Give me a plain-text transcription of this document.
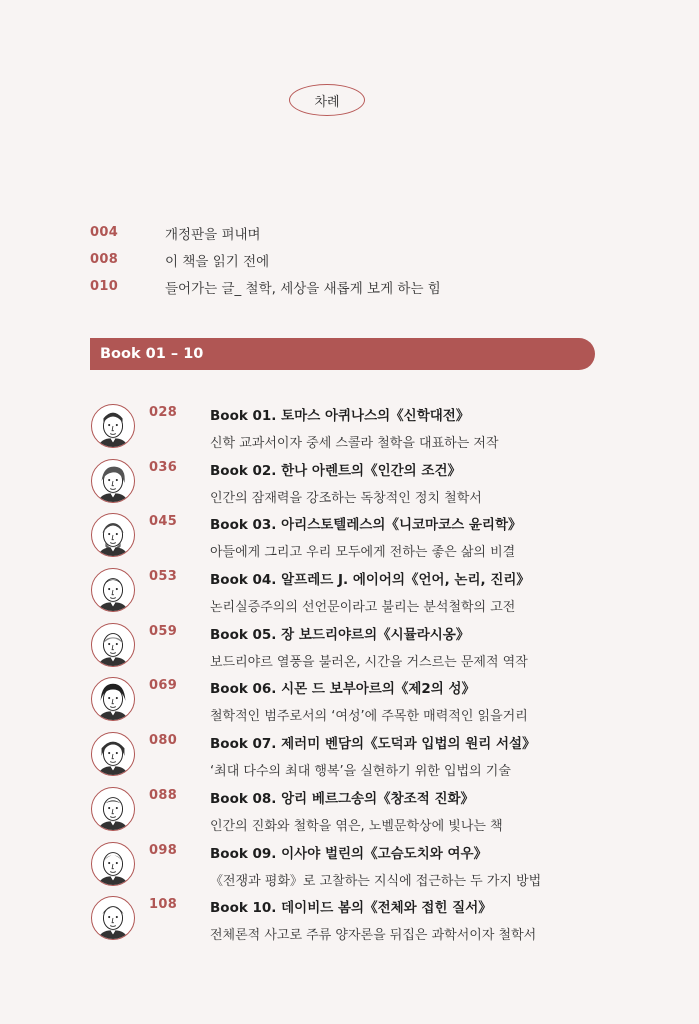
차례
004	개정판을 펴내며
008	이 책을 읽기 전에
010	들어가는 글_ 철학, 세상을 새롭게 보게 하는 힘
Book 01 – 10
028 Book 01. 토마스 아퀴나스의《신학대전》
신학 교과서이자 중세 스콜라 철학을 대표하는 저작
036 Book 02. 한나 아렌트의《인간의 조건》
인간의 잠재력을 강조하는 독창적인 정치 철학서
045 Book 03. 아리스토텔레스의《니코마코스 윤리학》
아들에게 그리고 우리 모두에게 전하는 좋은 삶의 비결
053 Book 04. 알프레드 J. 에이어의《언어, 논리, 진리》
논리실증주의의 선언문이라고 불리는 분석철학의 고전
059 Book 05. 장 보드리야르의《시뮬라시옹》
보드리야르 열풍을 불러온, 시간을 거스르는 문제적 역작
069 Book 06. 시몬 드 보부아르의《제2의 성》
철학적인 범주로서의 ‘여성’에 주목한 매력적인 읽을거리
080 Book 07. 제러미 벤담의《도덕과 입법의 원리 서설》
‘최대 다수의 최대 행복’을 실현하기 위한 입법의 기술
088 Book 08. 앙리 베르그송의《창조적 진화》
인간의 진화와 철학을 엮은, 노벨문학상에 빛나는 책
098 Book 09. 이사야 벌린의《고슴도치와 여우》
《전쟁과 평화》로 고찰하는 지식에 접근하는 두 가지 방법
108 Book 10. 데이비드 봄의《전체와 접힌 질서》
전체론적 사고로 주류 양자론을 뒤집은 과학서이자 철학서
